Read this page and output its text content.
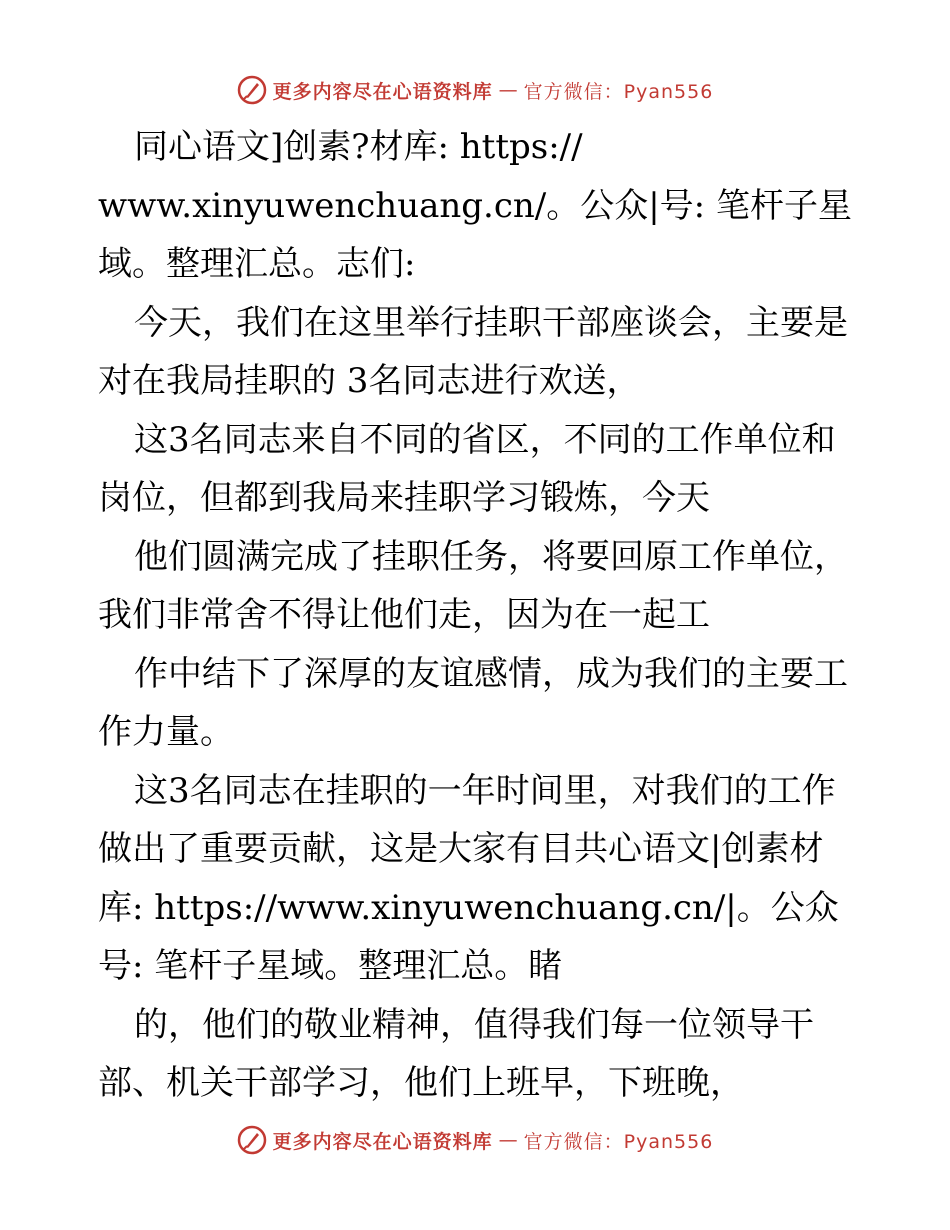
更多内容尽在心语资料库 — 官方微信：Pyan556
同心语文]创素?材库: https://
www.xinyuwenchuang.cn/。公众|号: 笔杆子星
域。整理汇总。志们:
今天，我们在这里举行挂职干部座谈会，主要是
对在我局挂职的 3名同志进行欢送，
这3名同志来自不同的省区，不同的工作单位和
岗位，但都到我局来挂职学习锻炼，今天
他们圆满完成了挂职任务，将要回原工作单位，
我们非常舍不得让他们走，因为在一起工
作中结下了深厚的友谊感情，成为我们的主要工
作力量。
这3名同志在挂职的一年时间里，对我们的工作
做出了重要贡献，这是大家有目共心语文|创素材
库: https://www.xinyuwenchuang.cn/|。公众
号: 笔杆子星域。整理汇总。睹
的，他们的敬业精神，值得我们每一位领导干
部、机关干部学习，他们上班早，下班晚，
更多内容尽在心语资料库 — 官方微信：Pyan556
